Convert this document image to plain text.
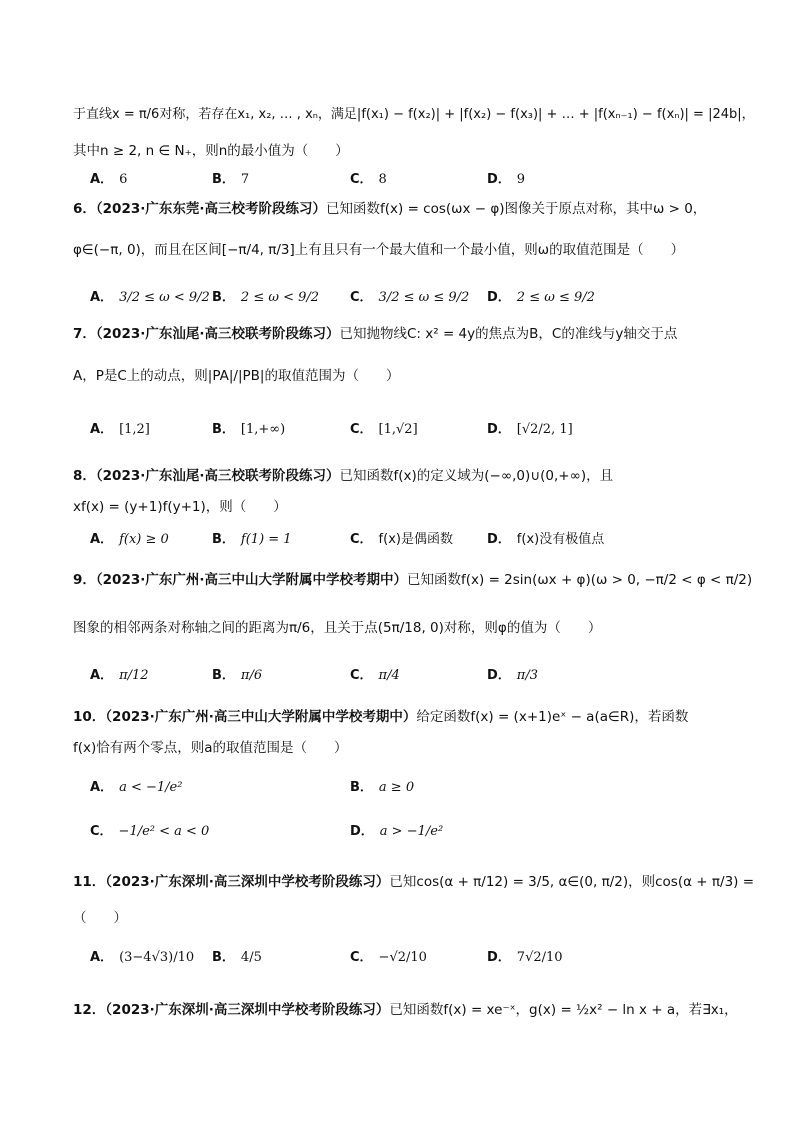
于直线x = π/6对称，若存在x₁, x₂, … , xₙ，满足|f(x₁) − f(x₂)| + |f(x₂) − f(x₃)| + … + |f(xₙ₋₁) − f(xₙ)| = |24b|，
其中n ≥ 2, n ∈ N₊，则n的最小值为（　　）
A． 6	B． 7	C． 8	D． 9
6．（2023·广东东莞·高三校考阶段练习）已知函数f(x) = cos(ωx − φ)图像关于原点对称，其中ω > 0，
φ∈(−π, 0)，而且在区间[−π/4, π/3]上有且只有一个最大值和一个最小值，则ω的取值范围是（　　）
A． 3/2 ≤ ω < 9/2 B． 2 ≤ ω < 9/2 C． 3/2 ≤ ω ≤ 9/2 D． 2 ≤ ω ≤ 9/2
7．（2023·广东汕尾·高三校联考阶段练习）已知抛物线C: x² = 4y的焦点为B，C的准线与y轴交于点
A，P是C上的动点，则|PA|/|PB|的取值范围为（　　）
A． [1,2]	B． [1,+∞)	C． [1,√2]	D． [√2/2, 1]
8．（2023·广东汕尾·高三校联考阶段练习）已知函数f(x)的定义域为(−∞,0)∪(0,+∞)，且
xf(x) = (y+1)f(y+1)，则（　　）
A． f(x) ≥ 0	B． f(1) = 1	C． f(x)是偶函数	D． f(x)没有极值点
9．（2023·广东广州·高三中山大学附属中学校考期中）已知函数f(x) = 2sin(ωx + φ)(ω > 0, −π/2 < φ < π/2)
图象的相邻两条对称轴之间的距离为π/6，且关于点(5π/18, 0)对称，则φ的值为（　　）
A． π/12	B． π/6	C． π/4	D． π/3
10．（2023·广东广州·高三中山大学附属中学校考期中）给定函数f(x) = (x+1)eˣ − a(a∈R)，若函数
f(x)恰有两个零点，则a的取值范围是（　　）
A． a < −1/e²	B． a ≥ 0
C． −1/e² < a < 0	D． a > −1/e²
11．（2023·广东深圳·高三深圳中学校考阶段练习）已知cos(α + π/12) = 3/5, α∈(0, π/2)，则cos(α + π/3) =
（　　）
A． (3−4√3)/10 B． 4/5	C． −√2/10	D． 7√2/10
12．（2023·广东深圳·高三深圳中学校考阶段练习）已知函数f(x) = xe⁻ˣ，g(x) = ½x² − ln x + a，若∃x₁，
